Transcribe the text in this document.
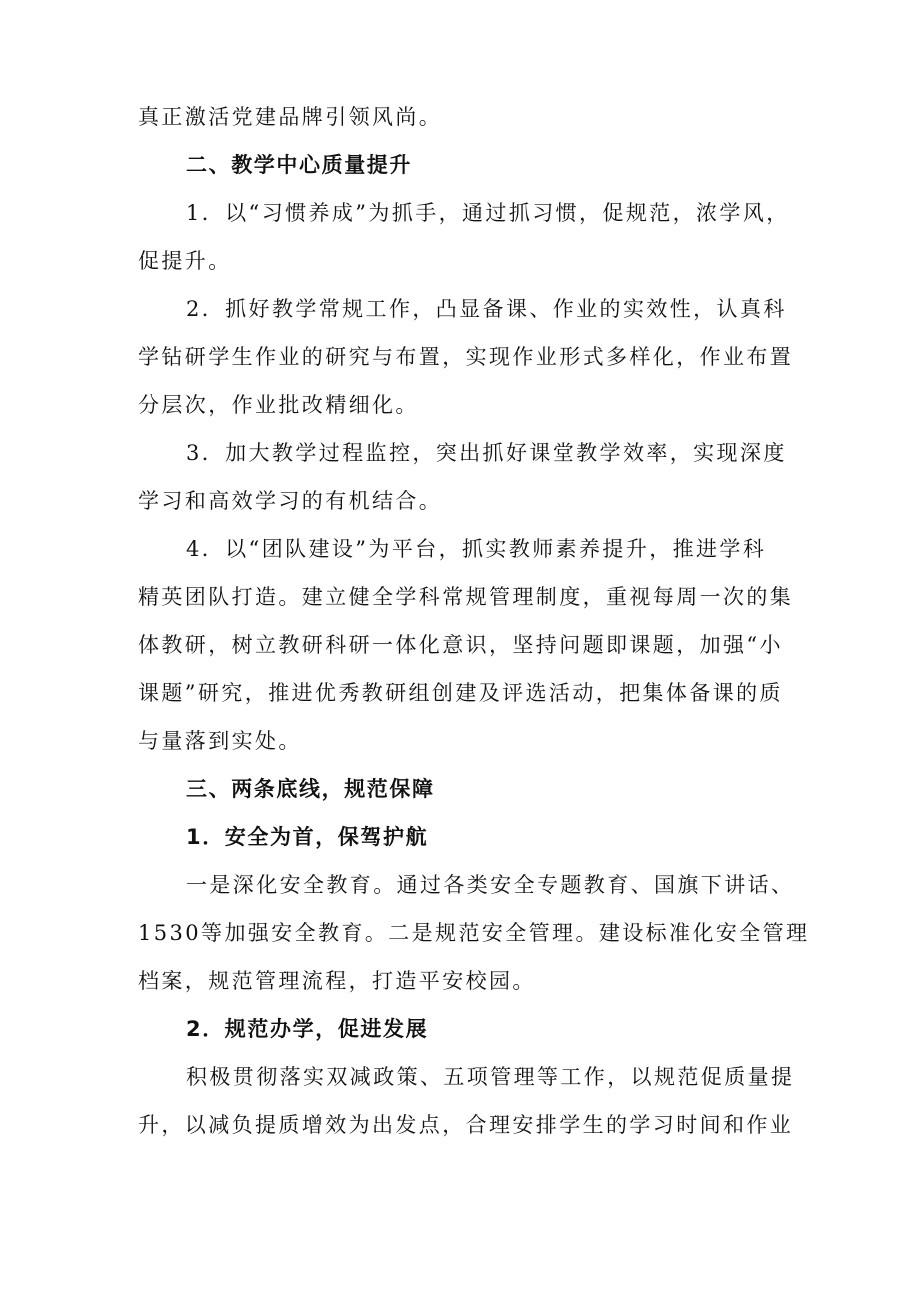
真正激活党建品牌引领风尚。
二、教学中心质量提升
1．以“习惯养成”为抓手，通过抓习惯，促规范，浓学风，
促提升。
2．抓好教学常规工作，凸显备课、作业的实效性，认真科
学钻研学生作业的研究与布置，实现作业形式多样化，作业布置
分层次，作业批改精细化。
3．加大教学过程监控，突出抓好课堂教学效率，实现深度
学习和高效学习的有机结合。
4．以“团队建设”为平台，抓实教师素养提升，推进学科
精英团队打造。建立健全学科常规管理制度，重视每周一次的集
体教研，树立教研科研一体化意识，坚持问题即课题，加强“小
课题”研究，推进优秀教研组创建及评选活动，把集体备课的质
与量落到实处。
三、两条底线，规范保障
1．安全为首，保驾护航
一是深化安全教育。通过各类安全专题教育、国旗下讲话、
1530等加强安全教育。二是规范安全管理。建设标准化安全管理
档案，规范管理流程，打造平安校园。
2．规范办学，促进发展
积极贯彻落实双减政策、五项管理等工作，以规范促质量提
升，以减负提质增效为出发点，合理安排学生的学习时间和作业
